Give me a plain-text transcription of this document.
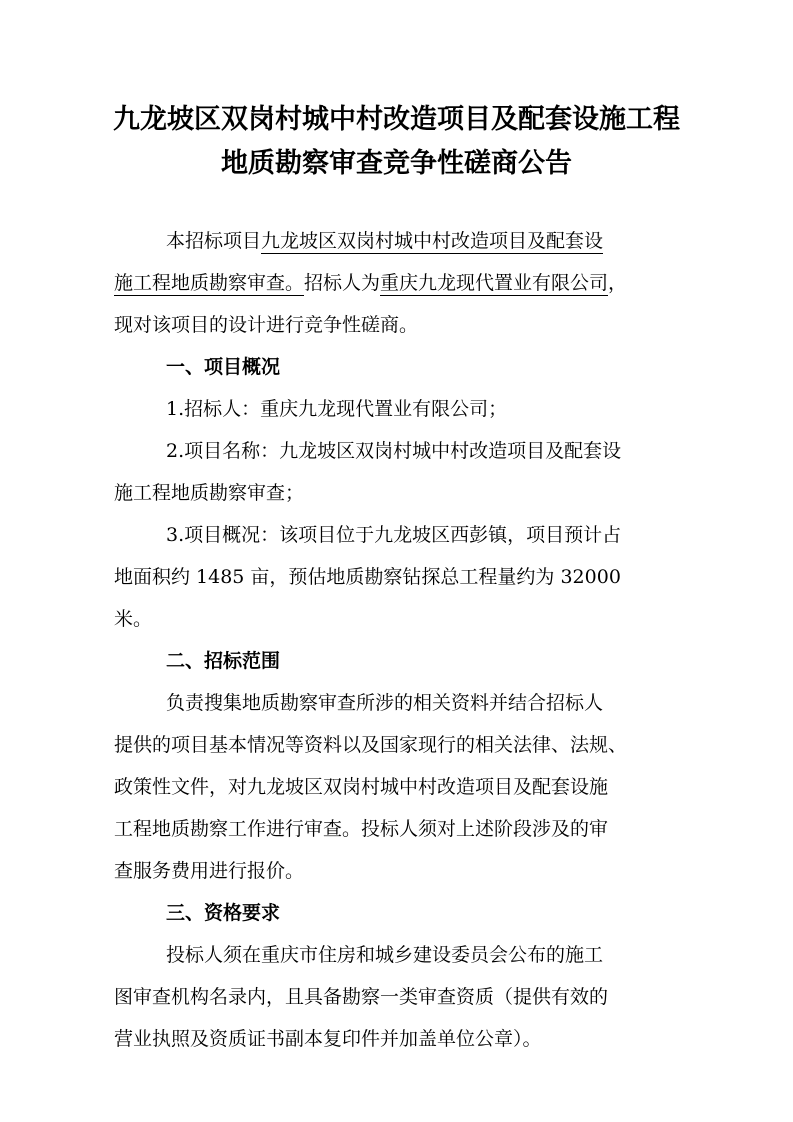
九龙坡区双岗村城中村改造项目及配套设施工程
地质勘察审查竞争性磋商公告
本招标项目九龙坡区双岗村城中村改造项目及配套设
施工程地质勘察审查。招标人为重庆九龙现代置业有限公司，
现对该项目的设计进行竞争性磋商。
一、项目概况
1.招标人：重庆九龙现代置业有限公司；
2.项目名称：九龙坡区双岗村城中村改造项目及配套设
施工程地质勘察审查；
3.项目概况：该项目位于九龙坡区西彭镇，项目预计占
地面积约 1485 亩，预估地质勘察钻探总工程量约为 32000
米。
二、招标范围
负责搜集地质勘察审查所涉的相关资料并结合招标人
提供的项目基本情况等资料以及国家现行的相关法律、法规、
政策性文件，对九龙坡区双岗村城中村改造项目及配套设施
工程地质勘察工作进行审查。投标人须对上述阶段涉及的审
查服务费用进行报价。
三、资格要求
投标人须在重庆市住房和城乡建设委员会公布的施工
图审查机构名录内，且具备勘察一类审查资质（提供有效的
营业执照及资质证书副本复印件并加盖单位公章）。
